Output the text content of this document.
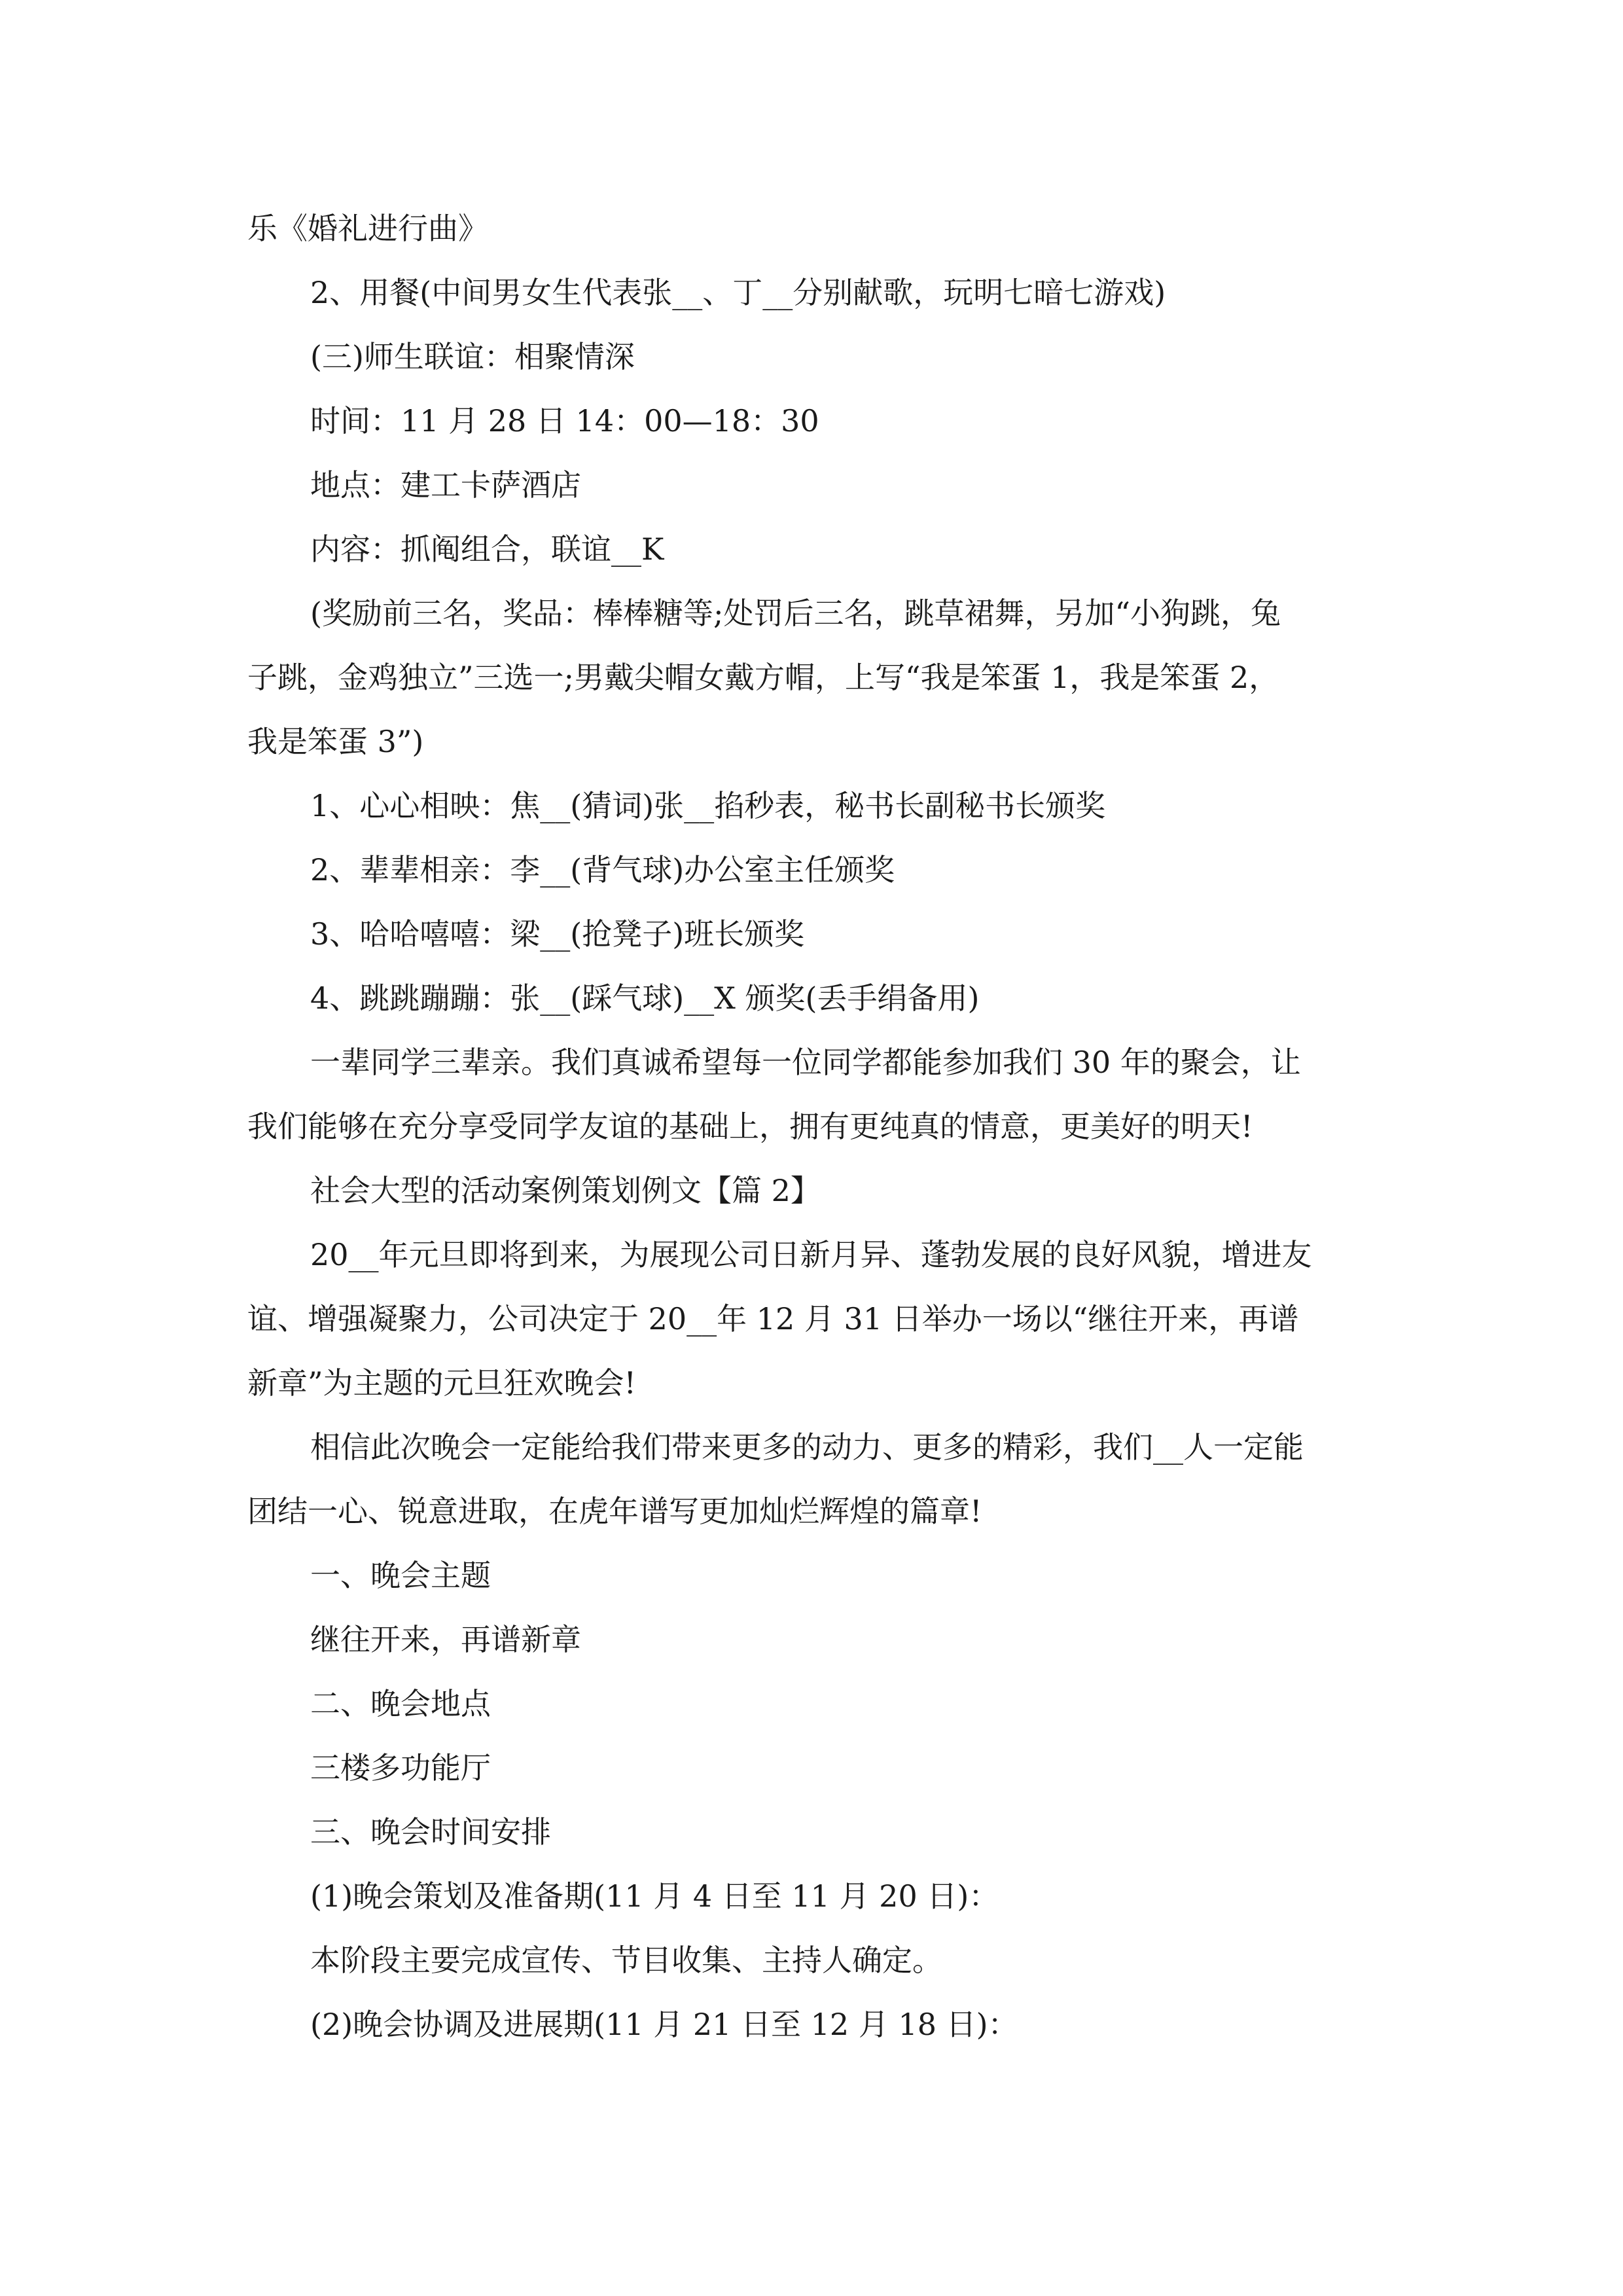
乐《婚礼进行曲》
2、用餐(中间男女生代表张__、丁__分别献歌，玩明七暗七游戏)
(三)师生联谊：相聚情深
时间：11 月 28 日 14：00—18：30
地点：建工卡萨酒店
内容：抓阄组合，联谊__K
(奖励前三名，奖品：棒棒糖等;处罚后三名，跳草裙舞，另加“小狗跳，兔
子跳，金鸡独立”三选一;男戴尖帽女戴方帽，上写“我是笨蛋 1，我是笨蛋 2，
我是笨蛋 3”)
1、心心相映：焦__(猜词)张__掐秒表，秘书长副秘书长颁奖
2、辈辈相亲：李__(背气球)办公室主任颁奖
3、哈哈嘻嘻：梁__(抢凳子)班长颁奖
4、跳跳蹦蹦：张__(踩气球)__X 颁奖(丢手绢备用)
一辈同学三辈亲。我们真诚希望每一位同学都能参加我们 30 年的聚会，让
我们能够在充分享受同学友谊的基础上，拥有更纯真的情意，更美好的明天!
社会大型的活动案例策划例文【篇 2】
20__年元旦即将到来，为展现公司日新月异、蓬勃发展的良好风貌，增进友
谊、增强凝聚力，公司决定于 20__年 12 月 31 日举办一场以“继往开来，再谱
新章”为主题的元旦狂欢晚会!
相信此次晚会一定能给我们带来更多的动力、更多的精彩，我们__人一定能
团结一心、锐意进取，在虎年谱写更加灿烂辉煌的篇章!
一、晚会主题
继往开来，再谱新章
二、晚会地点
三楼多功能厅
三、晚会时间安排
(1)晚会策划及准备期(11 月 4 日至 11 月 20 日)：
本阶段主要完成宣传、节目收集、主持人确定。
(2)晚会协调及进展期(11 月 21 日至 12 月 18 日)：
